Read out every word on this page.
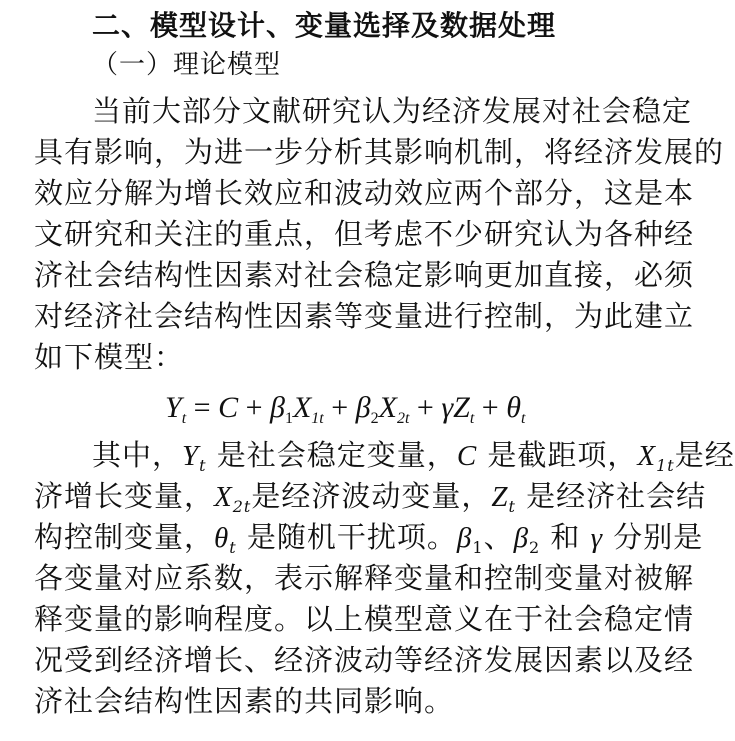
二、模型设计、变量选择及数据处理
（一）理论模型
当前大部分文献研究认为经济发展对社会稳定
具有影响，为进一步分析其影响机制，将经济发展的
效应分解为增长效应和波动效应两个部分，这是本
文研究和关注的重点，但考虑不少研究认为各种经
济社会结构性因素对社会稳定影响更加直接，必须
对经济社会结构性因素等变量进行控制，为此建立
如下模型：
$Y_t = C + \beta_1X_{1t} + \beta_2X_{2t} + \gamma Z_t + \theta_t$
其中，$Y_t$ 是社会稳定变量，C 是截距项，$X_{1t}$是经
济增长变量，$X_{2t}$是经济波动变量，$Z_t$ 是经济社会结
构控制变量，$\theta_t$ 是随机干扰项。$\beta_1$、$\beta_2$ 和 γ 分别是
各变量对应系数，表示解释变量和控制变量对被解
释变量的影响程度。以上模型意义在于社会稳定情
况受到经济增长、经济波动等经济发展因素以及经
济社会结构性因素的共同影响。
